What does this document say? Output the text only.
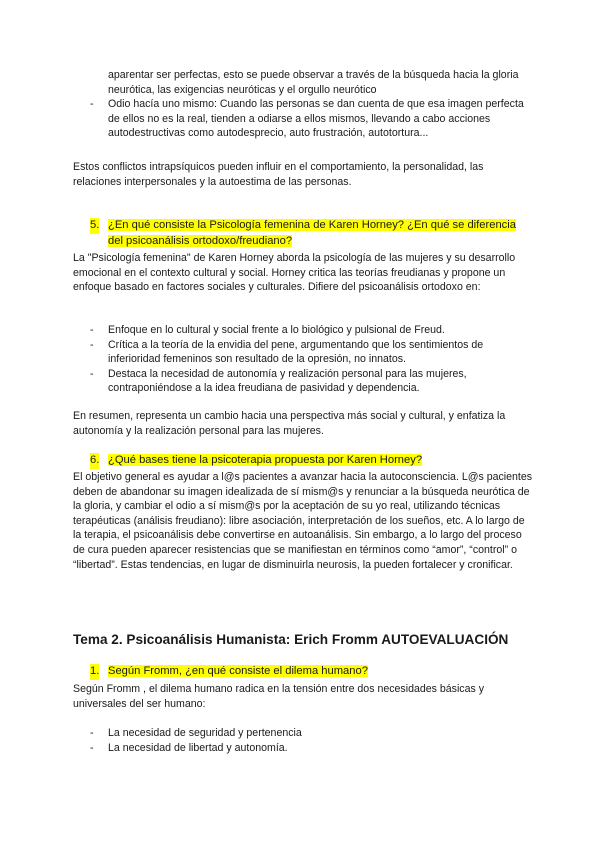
aparentar ser perfectas, esto se puede observar a través de la búsqueda hacia la gloria neurótica, las exigencias neuróticas y el orgullo neurótico
- Odio hacía uno mismo: Cuando las personas se dan cuenta de que esa imagen perfecta de ellos no es la real, tienden a odiarse a ellos mismos, llevando a cabo acciones autodestructivas como autodesprecio, auto frustración, autotortura...

Estos conflictos intrapsíquicos pueden influir en el comportamiento, la personalidad, las relaciones interpersonales y la autoestima de las personas.

5. ¿En qué consiste la Psicología femenina de Karen Horney? ¿En qué se diferencia del psicoanálisis ortodoxo/freudiano?

La "Psicología femenina" de Karen Horney aborda la psicología de las mujeres y su desarrollo emocional en el contexto cultural y social. Horney critica las teorías freudianas y propone un enfoque basado en factores sociales y culturales. Difiere del psicoanálisis ortodoxo en:

- Enfoque en lo cultural y social frente a lo biológico y pulsional de Freud.
- Crítica a la teoría de la envidia del pene, argumentando que los sentimientos de inferioridad femeninos son resultado de la opresión, no innatos.
- Destaca la necesidad de autonomía y realización personal para las mujeres, contraponiéndose a la idea freudiana de pasividad y dependencia.

En resumen, representa un cambio hacia una perspectiva más social y cultural, y enfatiza la autonomía y la realización personal para las mujeres.

6. ¿Qué bases tiene la psicoterapia propuesta por Karen Horney?

El objetivo general es ayudar a l@s pacientes a avanzar hacia la autoconsciencia. L@s pacientes deben de abandonar su imagen idealizada de sí mism@s y renunciar a la búsqueda neurótica de la gloria, y cambiar el odio a sí mism@s por la aceptación de su yo real, utilizando técnicas terapéuticas (análisis freudiano): libre asociación, interpretación de los sueños, etc. A lo largo de la terapia, el psicoanálisis debe convertirse en autoanálisis. Sin embargo, a lo largo del proceso de cura pueden aparecer resistencias que se manifiestan en términos como “amor”, “control” o “libertad”. Estas tendencias, en lugar de disminuirla neurosis, la pueden fortalecer y cronificar.

Tema 2. Psicoanálisis Humanista: Erich Fromm AUTOEVALUACIÓN
1. Según Fromm, ¿en qué consiste el dilema humano?

Según Fromm , el dilema humano radica en la tensión entre dos necesidades básicas y universales del ser humano:

- La necesidad de seguridad y pertenencia
- La necesidad de libertad y autonomía.
